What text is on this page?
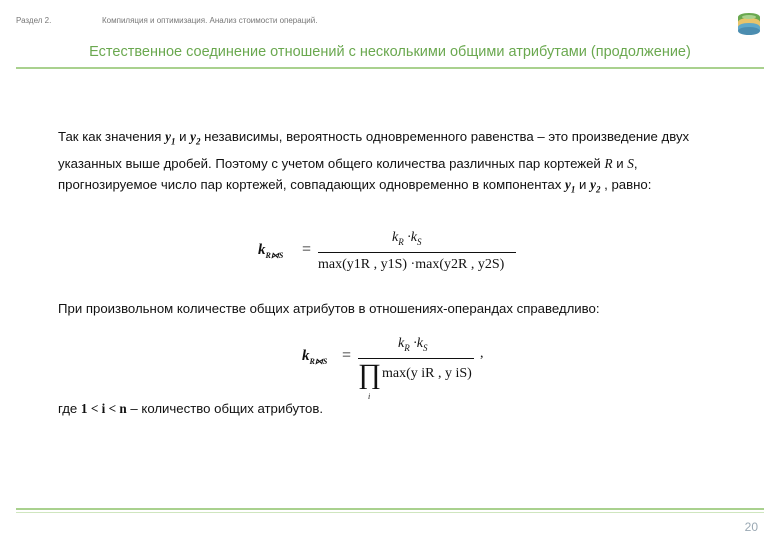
Раздел 2.	Компиляция и оптимизация. Анализ стоимости операций.
Естественное соединение отношений с несколькими общими атрибутами (продолжение)
Так как значения $y_1$ и $y_2$ независимы, вероятность одновременного равенства – это произведение двух указанных выше дробей. Поэтому с учетом общего количества различных пар кортежей R и S, прогнозируемое число пар кортежей, совпадающих одновременно в компонентах $y_1$ и $y_2$ , равно:
$k_{R⋈S}$ =
$k_R \cdot k_S$
max(y1R , y1S) ·max(y2R , y2S)
При произвольном количестве общих атрибутов в отношениях-операндах справедливо:
$k_{R⋈S}$ =
$k_R \cdot k_S$
∏
i
max(y iR , y iS)
,
где 1 < i < n – количество общих атрибутов.
20
